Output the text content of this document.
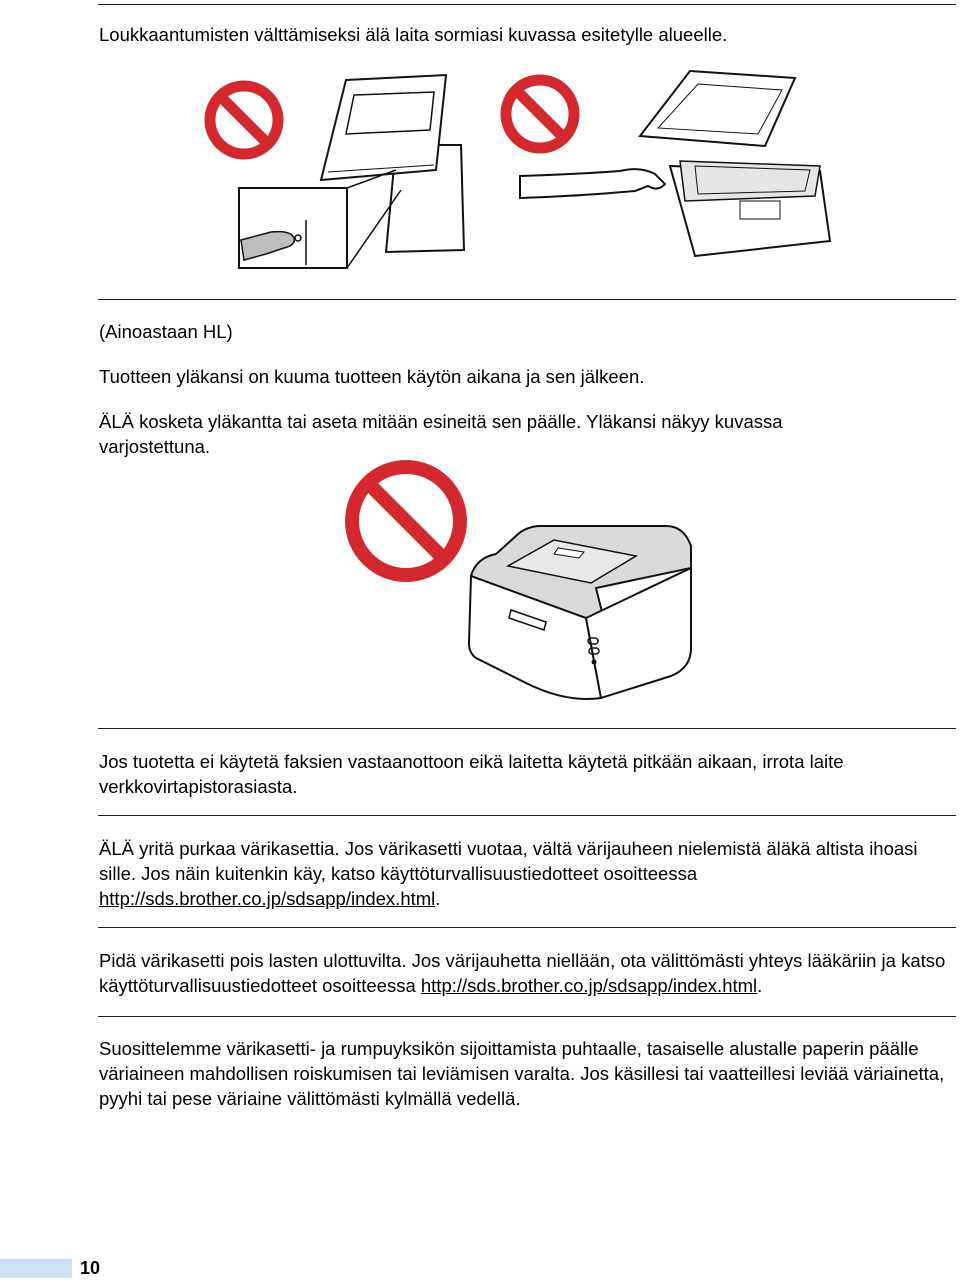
Loukkaantumisten välttämiseksi älä laita sormiasi kuvassa esitetylle alueelle.

(Ainoastaan HL)
Tuotteen yläkansi on kuuma tuotteen käytön aikana ja sen jälkeen.
ÄLÄ kosketa yläkantta tai aseta mitään esineitä sen päälle. Yläkansi näkyy kuvassa varjostettuna.

Jos tuotetta ei käytetä faksien vastaanottoon eikä laitetta käytetä pitkään aikaan, irrota laite verkkovirtapistorasiasta.

ÄLÄ yritä purkaa värikasettia. Jos värikasetti vuotaa, vältä värijauheen nielemistä äläkä altista ihoasi sille. Jos näin kuitenkin käy, katso käyttöturvallisuustiedotteet osoitteessa http://sds.brother.co.jp/sdsapp/index.html.

Pidä värikasetti pois lasten ulottuvilta. Jos värijauhetta niellään, ota välittömästi yhteys lääkäriin ja katso käyttöturvallisuustiedotteet osoitteessa http://sds.brother.co.jp/sdsapp/index.html.

Suosittelemme värikasetti- ja rumpuyksikön sijoittamista puhtaalle, tasaiselle alustalle paperin päälle väriaineen mahdollisen roiskumisen tai leviämisen varalta. Jos käsillesi tai vaatteillesi leviää väriainetta, pyyhi tai pese väriaine välittömästi kylmällä vedellä.

10
